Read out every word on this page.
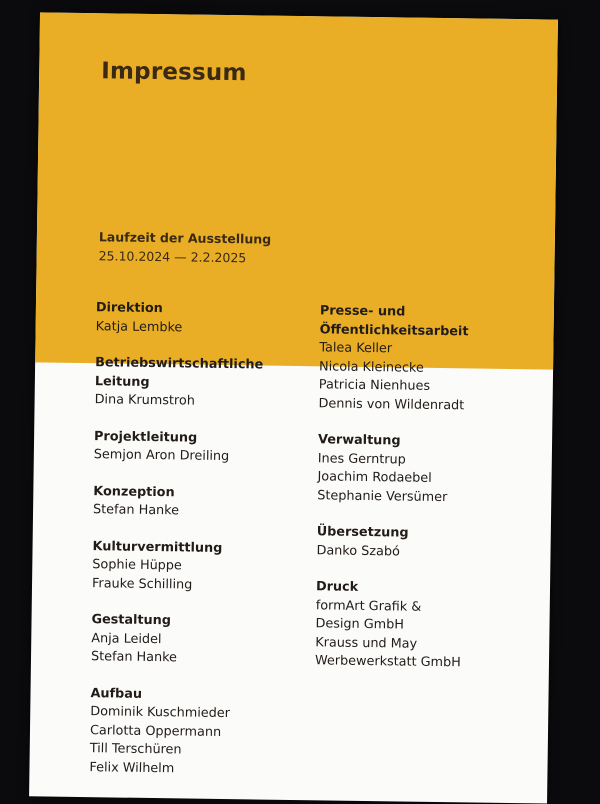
Impressum
Laufzeit der Ausstellung
25.10.2024 — 2.2.2025
Direktion
Katja Lembke
Betriebswirtschaftliche
Leitung
Dina Krumstroh
Projektleitung
Semjon Aron Dreiling
Konzeption
Stefan Hanke
Kulturvermittlung
Sophie Hüppe
Frauke Schilling
Gestaltung
Anja Leidel
Stefan Hanke
Aufbau
Dominik Kuschmieder
Carlotta Oppermann
Till Terschüren
Felix Wilhelm
Presse- und
Öffentlichkeitsarbeit
Talea Keller
Nicola Kleinecke
Patricia Nienhues
Dennis von Wildenradt
Verwaltung
Ines Gerntrup
Joachim Rodaebel
Stephanie Versümer
Übersetzung
Danko Szabó
Druck
formArt Grafik &
Design GmbH
Krauss und May
Werbewerkstatt GmbH
